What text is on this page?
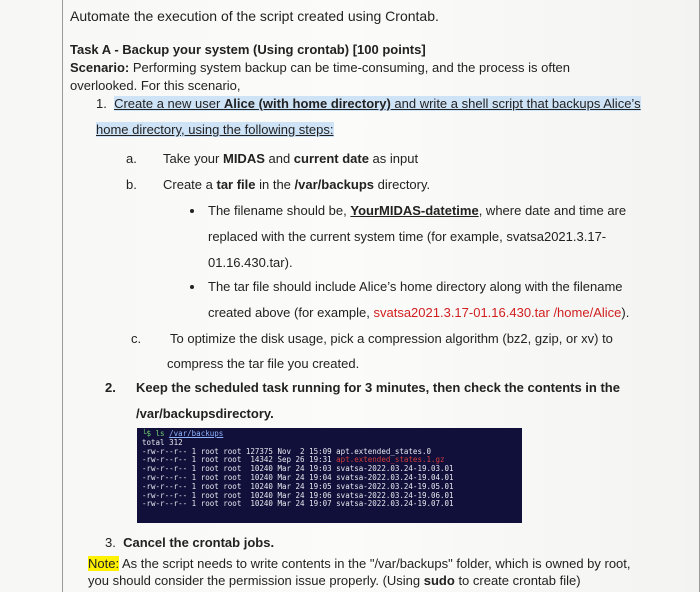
Automate the execution of the script created using Crontab.
Task A - Backup your system (Using crontab) [100 points]
Scenario: Performing system backup can be time-consuming, and the process is often
overlooked. For this scenario,
1. Create a new user Alice (with home directory) and write a shell script that backups Alice’s
home directory, using the following steps:
a. Take your MIDAS and current date as input
b. Create a tar file in the /var/backups directory.
The filename should be, YourMIDAS-datetime, where date and time are
replaced with the current system time (for example, svatsa2021.3.17-
01.16.430.tar).
The tar file should include Alice’s home directory along with the filename
created above (for example, svatsa2021.3.17-01.16.430.tar /home/Alice).
c. To optimize the disk usage, pick a compression algorithm (bz2, gzip, or xv) to
compress the tar file you created.
2. Keep the scheduled task running for 3 minutes, then check the contents in the
/var/backupsdirectory.
└$ ls /var/backups
total 312
-rw-r--r-- 1 root root 127375 Nov  2 15:09 apt.extended_states.0
-rw-r--r-- 1 root root  14342 Sep 26 19:31 apt.extended_states.1.gz
-rw-r--r-- 1 root root  10240 Mar 24 19:03 svatsa-2022.03.24-19.03.01
-rw-r--r-- 1 root root  10240 Mar 24 19:04 svatsa-2022.03.24-19.04.01
-rw-r--r-- 1 root root  10240 Mar 24 19:05 svatsa-2022.03.24-19.05.01
-rw-r--r-- 1 root root  10240 Mar 24 19:06 svatsa-2022.03.24-19.06.01
-rw-r--r-- 1 root root  10240 Mar 24 19:07 svatsa-2022.03.24-19.07.01
3. Cancel the crontab jobs.
Note: As the script needs to write contents in the "/var/backups" folder, which is owned by root,
you should consider the permission issue properly. (Using sudo to create crontab file)
